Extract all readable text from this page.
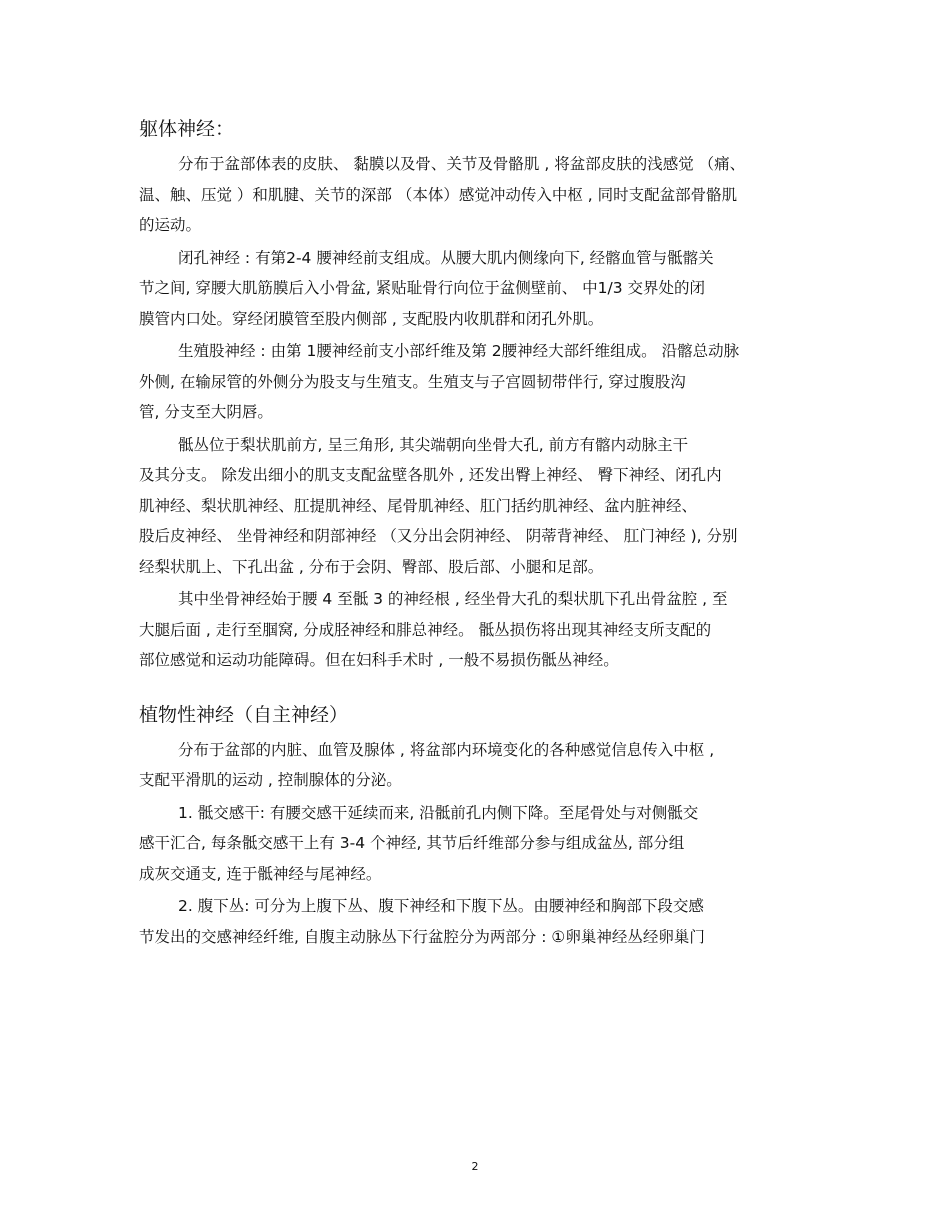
躯体神经：
分布于盆部体表的皮肤、 黏膜以及骨、关节及骨骼肌 , 将盆部皮肤的浅感觉 （痛、
温、触、压觉 ）和肌腱、关节的深部 （本体）感觉冲动传入中枢 , 同时支配盆部骨骼肌
的运动。
闭孔神经 : 有第2-4 腰神经前支组成。从腰大肌内侧缘向下, 经髂血管与骶髂关
节之间, 穿腰大肌筋膜后入小骨盆, 紧贴耻骨行向位于盆侧壁前、 中1/3 交界处的闭
膜管内口处。穿经闭膜管至股内侧部 , 支配股内收肌群和闭孔外肌。
生殖股神经 : 由第 1腰神经前支小部纤维及第 2腰神经大部纤维组成。 沿髂总动脉
外侧, 在输尿管的外侧分为股支与生殖支。生殖支与子宫圆韧带伴行, 穿过腹股沟
管, 分支至大阴唇。
骶丛位于梨状肌前方, 呈三角形, 其尖端朝向坐骨大孔, 前方有髂内动脉主干
及其分支。 除发出细小的肌支支配盆壁各肌外 , 还发出臀上神经、 臀下神经、闭孔内
肌神经、梨状肌神经、肛提肌神经、尾骨肌神经、肛门括约肌神经、盆内脏神经、
股后皮神经、 坐骨神经和阴部神经 （又分出会阴神经、 阴蒂背神经、 肛门神经 ), 分别
经梨状肌上、下孔出盆 , 分布于会阴、臀部、股后部、小腿和足部。
其中坐骨神经始于腰 4 至骶 3 的神经根 , 经坐骨大孔的梨状肌下孔出骨盆腔 , 至
大腿后面 , 走行至腘窝, 分成胫神经和腓总神经。 骶丛损伤将出现其神经支所支配的
部位感觉和运动功能障碍。但在妇科手术时 , 一般不易损伤骶丛神经。
植物性神经（自主神经）
分布于盆部的内脏、血管及腺体 , 将盆部内环境变化的各种感觉信息传入中枢 ,
支配平滑肌的运动 , 控制腺体的分泌。
1. 骶交感干: 有腰交感干延续而来, 沿骶前孔内侧下降。至尾骨处与对侧骶交
感干汇合, 每条骶交感干上有 3-4 个神经, 其节后纤维部分参与组成盆丛, 部分组
成灰交通支, 连于骶神经与尾神经。
2. 腹下丛: 可分为上腹下丛、腹下神经和下腹下丛。由腰神经和胸部下段交感
节发出的交感神经纤维, 自腹主动脉丛下行盆腔分为两部分 : ①卵巢神经丛经卵巢门
2
